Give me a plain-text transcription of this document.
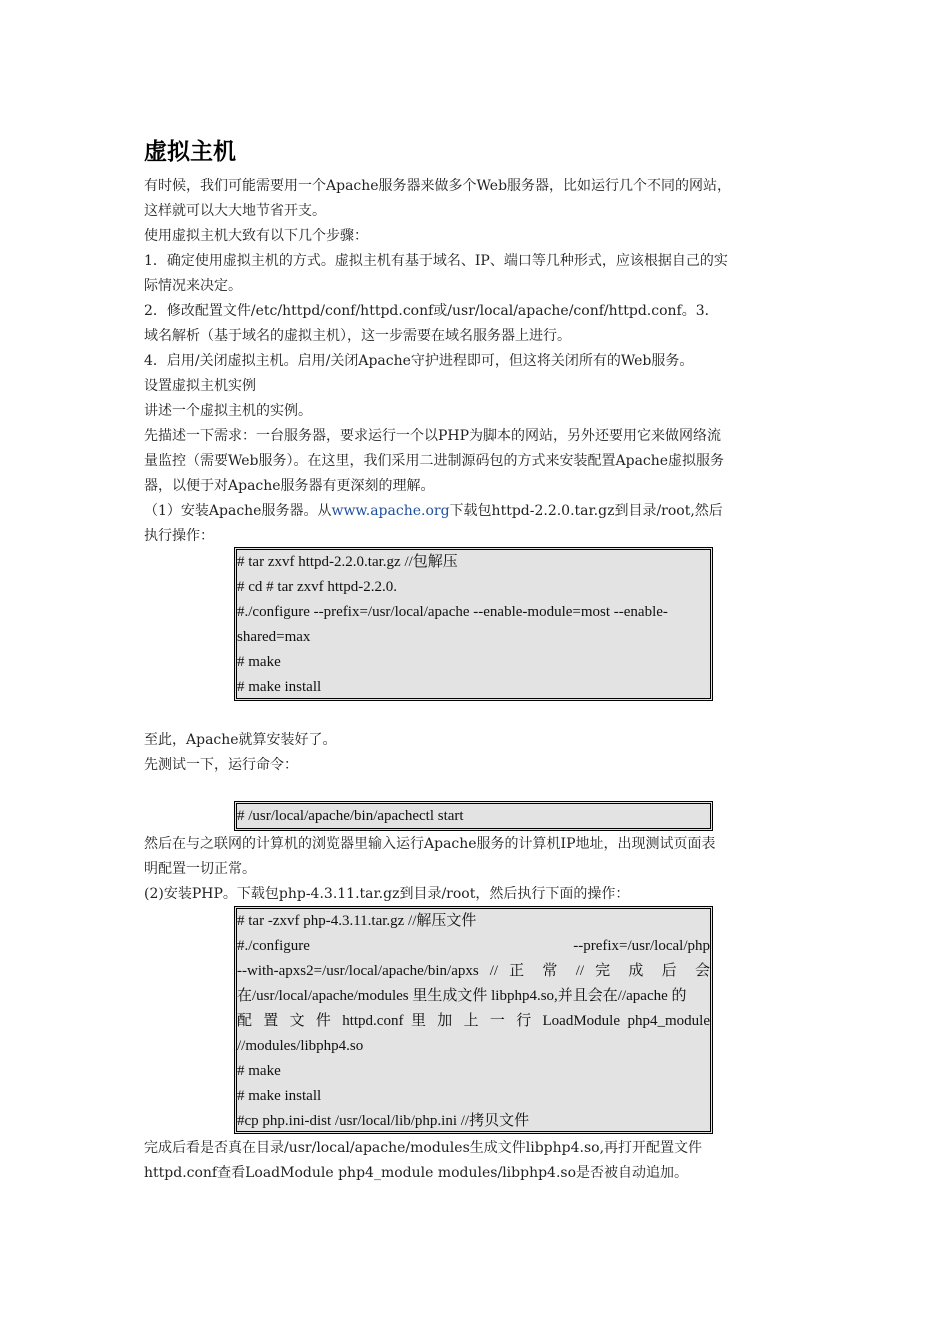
虚拟主机

有时候，我们可能需要用一个Apache服务器来做多个Web服务器，比如运行几个不同的网站，

这样就可以大大地节省开支。

使用虚拟主机大致有以下几个步骤：

1．确定使用虚拟主机的方式。虚拟主机有基于域名、IP、端口等几种形式，应该根据自己的实

际情况来决定。

2．修改配置文件/etc/httpd/conf/httpd.conf或/usr/local/apache/conf/httpd.conf。3．

域名解析（基于域名的虚拟主机），这一步需要在域名服务器上进行。

4．启用/关闭虚拟主机。启用/关闭Apache守护进程即可，但这将关闭所有的Web服务。

设置虚拟主机实例

讲述一个虚拟主机的实例。

先描述一下需求：一台服务器，要求运行一个以PHP为脚本的网站，另外还要用它来做网络流

量监控（需要Web服务）。在这里，我们采用二进制源码包的方式来安装配置Apache虚拟服务

器，以便于对Apache服务器有更深刻的理解。

（1）安装Apache服务器。从www.apache.org下载包httpd-2.2.0.tar.gz到目录/root,然后

执行操作：

# tar zxvf httpd-2.2.0.tar.gz //包解压
# cd # tar zxvf httpd-2.2.0.
#./configure --prefix=/usr/local/apache --enable-module=most --enable-
shared=max
# make
# make install

至此，Apache就算安装好了。

先测试一下，运行命令：

# /usr/local/apache/bin/apachectl start

然后在与之联网的计算机的浏览器里输入运行Apache服务的计算机IP地址，出现测试页面表

明配置一切正常。

(2)安装PHP。下载包php-4.3.11.tar.gz到目录/root，然后执行下面的操作：

# tar -zxvf php-4.3.11.tar.gz //解压文件
#./configure	--prefix=/usr/local/php
--with-apxs2=/usr/local/apache/bin/apxs // 正 常 // 完 成 后 会
在/usr/local/apache/modules 里生成文件 libphp4.so,并且会在//apache 的
配 置 文 件 httpd.conf 里 加 上 一 行 LoadModule php4_module
//modules/libphp4.so
# make
# make install
#cp php.ini-dist /usr/local/lib/php.ini //拷贝文件

完成后看是否真在目录/usr/local/apache/modules生成文件libphp4.so,再打开配置文件

httpd.conf查看LoadModule php4_module modules/libphp4.so是否被自动追加。
